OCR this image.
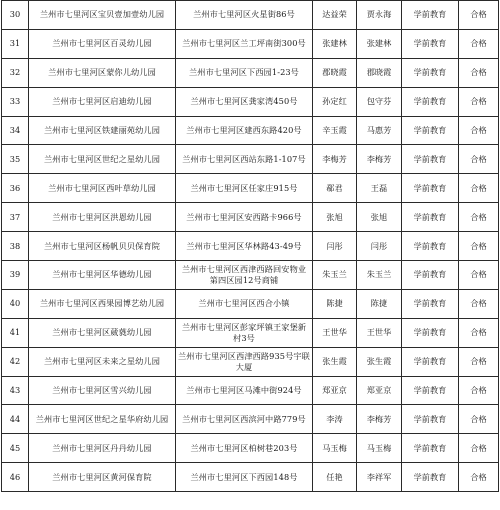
30	兰州市七里河区宝贝壹加壹幼儿园	兰州市七里河区火星街86号	达益荣	贾永海	学前教育	合格
31	兰州市七里河区百灵幼儿园	兰州市七里河区兰工坪南街300号	张建林	张建林	学前教育	合格
32	兰州市七里河区蒙你儿幼儿园	兰州市七里河区下西园1-23号	郡晓霞	郡晓霞	学前教育	合格
33	兰州市七里河区启迪幼儿园	兰州市七里河区龚家湾450号	孙定红	包守芬	学前教育	合格
34	兰州市七里河区铁建丽苑幼儿园	兰州市七里河区建西东路420号	辛玉霞	马惠芳	学前教育	合格
35	兰州市七里河区世纪之星幼儿园	兰州市七里河区西站东路1-107号	李梅芳	李梅芳	学前教育	合格
36	兰州市七里河区西叶草幼儿园	兰州市七里河区任家庄915号	郗君	王磊	学前教育	合格
37	兰州市七里河区洪恩幼儿园	兰州市七里河区安西路卡966号	张旭	张旭	学前教育	合格
38	兰州市七里河区杨帆贝贝保育院	兰州市七里河区华林路43-49号	闫彤	闫彤	学前教育	合格
39	兰州市七里河区华德幼儿园	兰州市七里河区西津西路回安物业第四区园12号商铺	朱玉兰	朱玉兰	学前教育	合格
40	兰州市七里河区西果园博艺幼儿园	兰州市七里河区西合小镇	陈捷	陈捷	学前教育	合格
41	兰州市七里河区葳蕤幼儿园	兰州市七里河区彭家坪镇王家堡新村3号	王世华	王世华	学前教育	合格
42	兰州市七里河区未来之星幼儿园	兰州市七里河区西津西路935号宇联大厦	张生霞	张生霞	学前教育	合格
43	兰州市七里河区雪兴幼儿园	兰州市七里河区马滩中街924号	郑亚京	郑亚京	学前教育	合格
44	兰州市七里河区世纪之星华府幼儿园	兰州市七里河区西滨河中路779号	李涛	李梅芳	学前教育	合格
45	兰州市七里河区丹丹幼儿园	兰州市七里河区柏树巷203号	马玉梅	马玉梅	学前教育	合格
46	兰州市七里河区黄河保育院	兰州市七里河区下西园148号	任艳	李祥军	学前教育	合格
